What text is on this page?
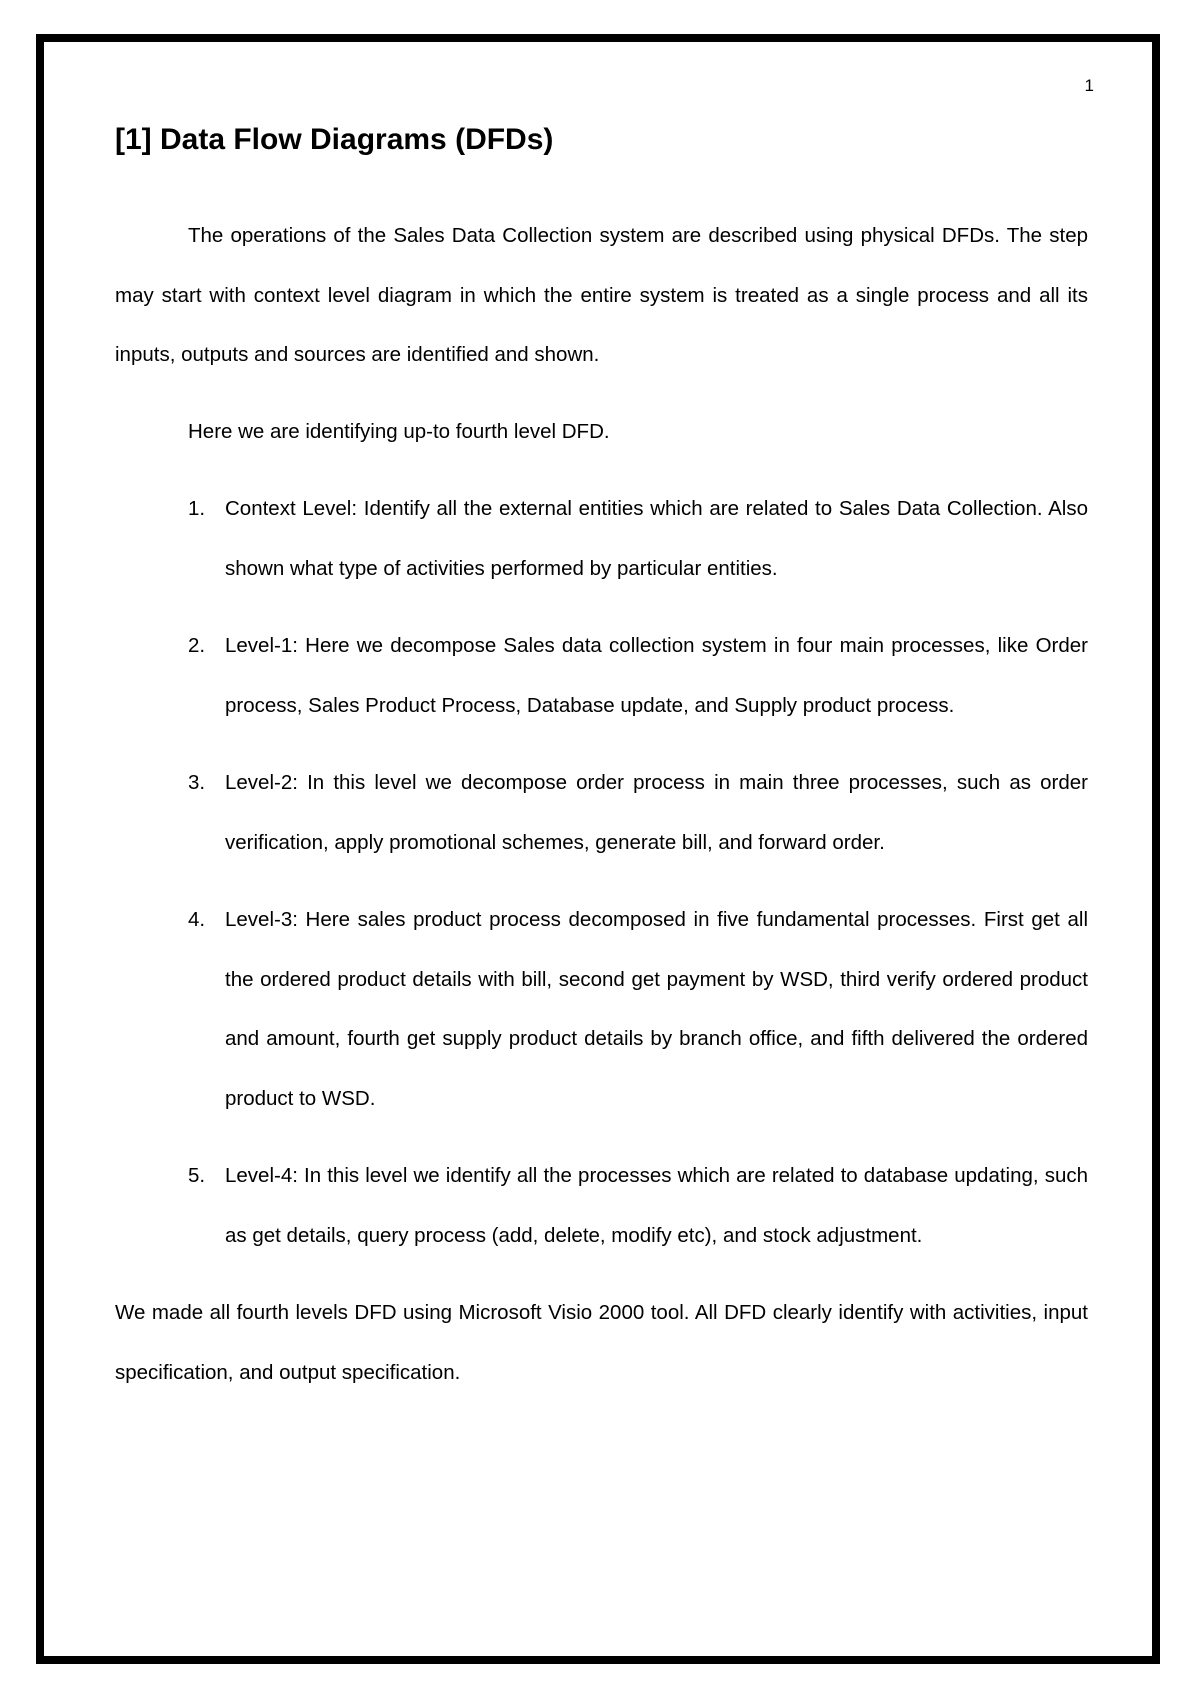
1
[1] Data Flow Diagrams (DFDs)

The operations of the Sales Data Collection system are described using physical DFDs. The step may start with context level diagram in which the entire system is treated as a single process and all its inputs, outputs and sources are identified and shown.

Here we are identifying up-to fourth level DFD.

1. Context Level: Identify all the external entities which are related to Sales Data Collection. Also shown what type of activities performed by particular entities.
2. Level-1: Here we decompose Sales data collection system in four main processes, like Order process, Sales Product Process, Database update, and Supply product process.
3. Level-2: In this level we decompose order process in main three processes, such as order verification, apply promotional schemes, generate bill, and forward order.
4. Level-3: Here sales product process decomposed in five fundamental processes. First get all the ordered product details with bill, second get payment by WSD, third verify ordered product and amount, fourth get supply product details by branch office, and fifth delivered the ordered product to WSD.
5. Level-4: In this level we identify all the processes which are related to database updating, such as get details, query process (add, delete, modify etc), and stock adjustment.

We made all fourth levels DFD using Microsoft Visio 2000 tool. All DFD clearly identify with activities, input specification, and output specification.
